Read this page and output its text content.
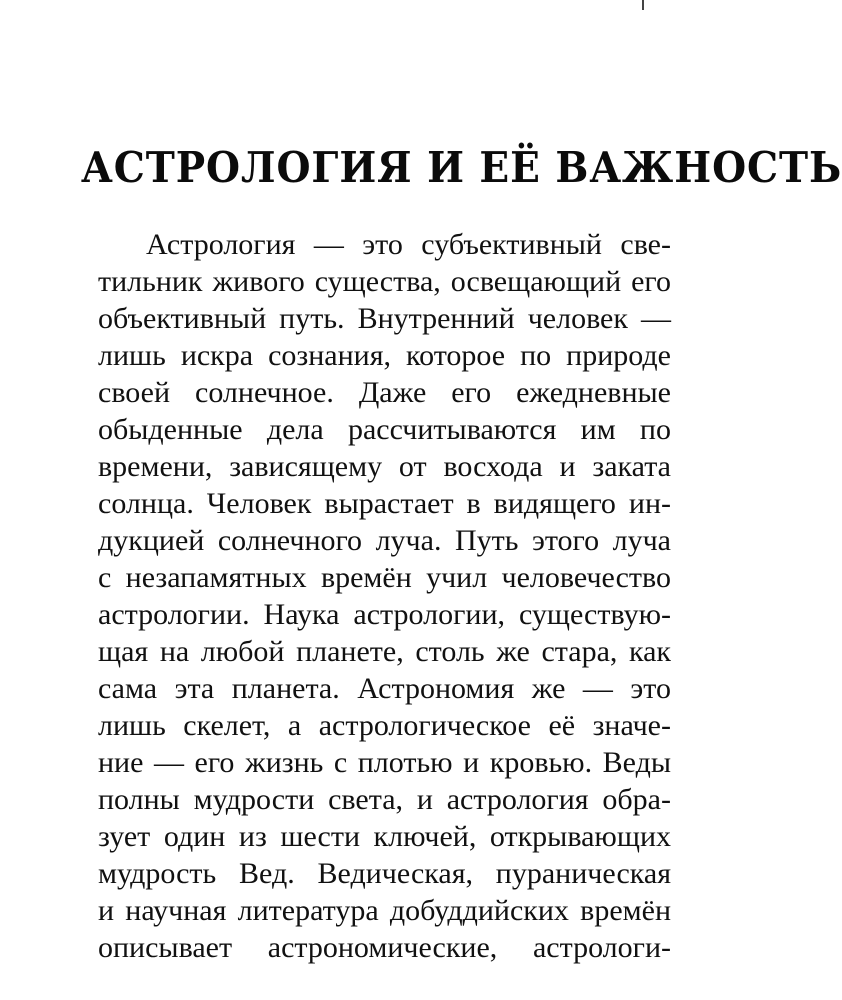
АСТРОЛОГИЯ И ЕЁ ВАЖНОСТЬ
Астрология — это субъективный све-
тильник живого существа, освещающий его
объективный путь. Внутренний человек —
лишь искра сознания, которое по природе
своей солнечное. Даже его ежедневные
обыденные дела рассчитываются им по
времени, зависящему от восхода и заката
солнца. Человек вырастает в видящего ин-
дукцией солнечного луча. Путь этого луча
с незапамятных времён учил человечество
астрологии. Наука астрологии, существую-
щая на любой планете, столь же стара, как
сама эта планета. Астрономия же — это
лишь скелет, а астрологическое её значе-
ние — его жизнь с плотью и кровью. Веды
полны мудрости света, и астрология обра-
зует один из шести ключей, открывающих
мудрость Вед. Ведическая, пураническая
и научная литература добуддийских времён
описывает астрономические, астрологи-
